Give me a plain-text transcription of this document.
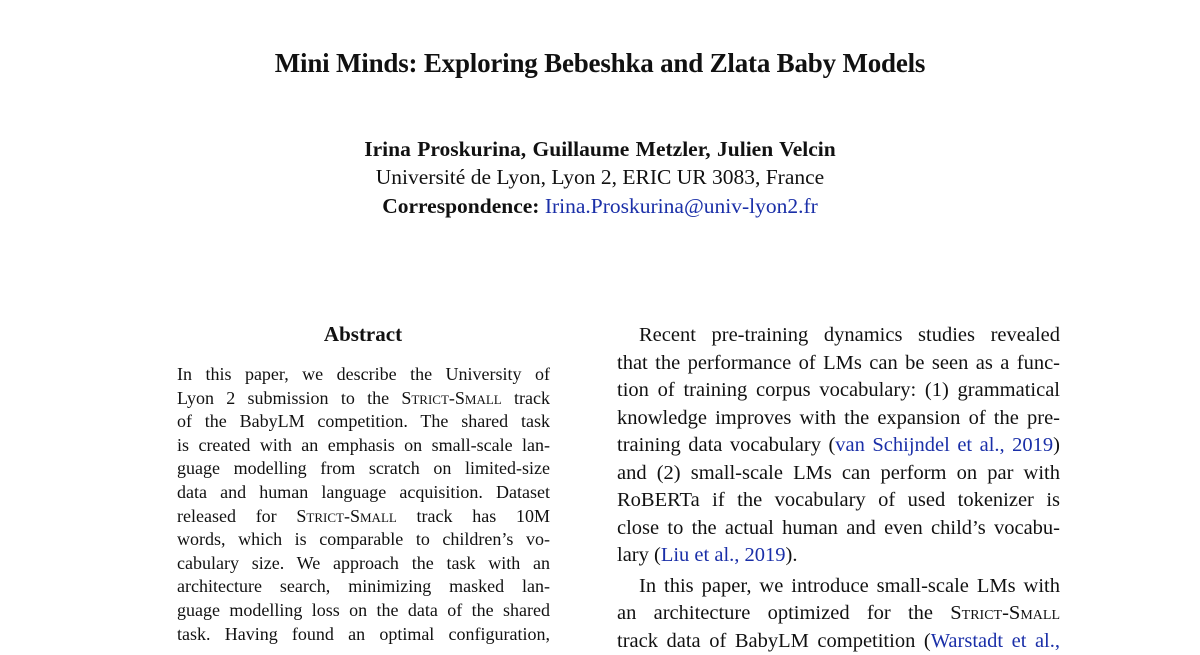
Mini Minds: Exploring Bebeshka and Zlata Baby Models
Irina Proskurina, Guillaume Metzler, Julien Velcin
Université de Lyon, Lyon 2, ERIC UR 3083, France
Correspondence: Irina.Proskurina@univ-lyon2.fr
Abstract
In this paper, we describe the University of
Lyon 2 submission to the Strict-Small track
of the BabyLM competition. The shared task
is created with an emphasis on small-scale lan-
guage modelling from scratch on limited-size
data and human language acquisition. Dataset
released for Strict-Small track has 10M
words, which is comparable to children’s vo-
cabulary size. We approach the task with an
architecture search, minimizing masked lan-
guage modelling loss on the data of the shared
task. Having found an optimal configuration,

Recent pre-training dynamics studies revealed
that the performance of LMs can be seen as a func-
tion of training corpus vocabulary: (1) grammatical
knowledge improves with the expansion of the pre-
training data vocabulary (van Schijndel et al., 2019)
and (2) small-scale LMs can perform on par with
RoBERTa if the vocabulary of used tokenizer is
close to the actual human and even child’s vocabu-
lary (Liu et al., 2019).

In this paper, we introduce small-scale LMs with
an architecture optimized for the Strict-Small
track data of BabyLM competition (Warstadt et al.,
